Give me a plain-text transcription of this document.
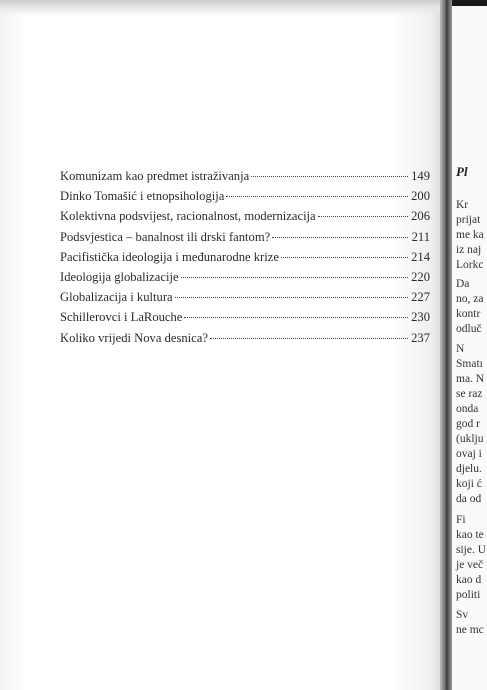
Komunizam kao predmet istraživanja	149
Dinko Tomašić i etnopsihologija	200
Kolektivna podsvijest, racionalnost, modernizacija	206
Podsvjestica – banalnost ili drski fantom?	211
Pacifistička ideologija i međunarodne krize	214
Ideologija globalizacije	220
Globalizacija i kultura	227
Schillerovci i LaRouche	230
Koliko vrijedi Nova desnica?	237
Pl
Kr
prijat
me ka
iz naj
Lorkc
Da
no, za
kontr
odluč
N
Smatı
ma. N
se raz
onda
god r
(uklju
ovaj i
djelu.
koji ć
da od
Fi
kao te
sije. U
je več
kao d
politi
Sv
ne mc
